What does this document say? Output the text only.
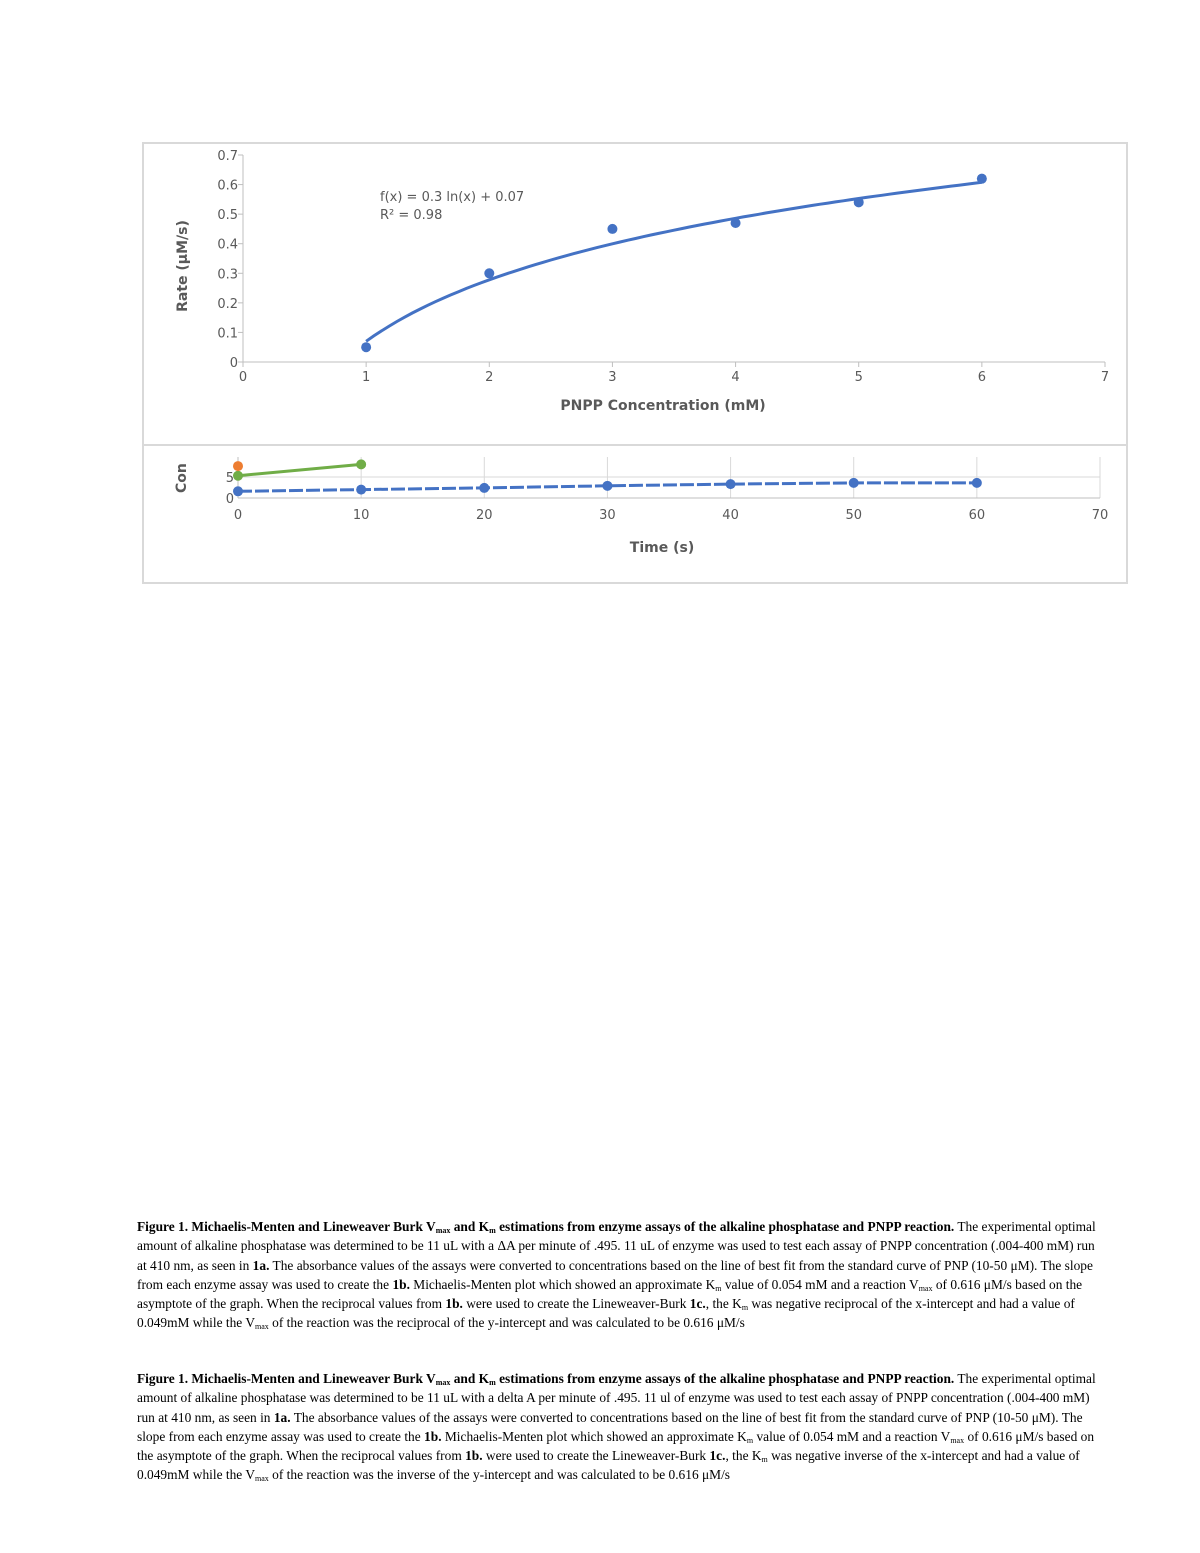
f(x) = 0.3 ln(x) + 0.07
R² = 0.98
PNPP Concentration (mM)
Rate (µM/s)
0	1	2	3	4	5	6	7
0
0.1
0.2
0.3
0.4
0.5
0.6
0.7
Time (s)
Con
0	10	20	30	40	50	60	70
0
5

Figure 1. Michaelis-Menten and Lineweaver Burk $V_{max}$ and $K_m$ estimations from enzyme assays of the alkaline phosphatase and PNPP reaction. The experimental optimal amount of alkaline phosphatase was determined to be 11 uL with a ΔA per minute of .495. 11 uL of enzyme was used to test each assay of PNPP concentration (.004-400 mM) run at 410 nm, as seen in 1a. The absorbance values of the assays were converted to concentrations based on the line of best fit from the standard curve of PNP (10-50 μM). The slope from each enzyme assay was used to create the 1b. Michaelis-Menten plot which showed an approximate $K_m$ value of 0.054 mM and a reaction $V_{max}$ of 0.616 μM/s based on the asymptote of the graph. When the reciprocal values from 1b. were used to create the Lineweaver-Burk 1c., the $K_m$ was negative reciprocal of the x-intercept and had a value of 0.049mM while the $V_{max}$ of the reaction was the reciprocal of the y-intercept and was calculated to be 0.616 μM/s

Figure 1. Michaelis-Menten and Lineweaver Burk $V_{max}$ and $K_m$ estimations from enzyme assays of the alkaline phosphatase and PNPP reaction. The experimental optimal amount of alkaline phosphatase was determined to be 11 uL with a delta A per minute of .495. 11 ul of enzyme was used to test each assay of PNPP concentration (.004-400 mM) run at 410 nm, as seen in 1a. The absorbance values of the assays were converted to concentrations based on the line of best fit from the standard curve of PNP (10-50 μM). The slope from each enzyme assay was used to create the 1b. Michaelis-Menten plot which showed an approximate $K_m$ value of 0.054 mM and a reaction $V_{max}$ of 0.616 μM/s based on the asymptote of the graph. When the reciprocal values from 1b. were used to create the Lineweaver-Burk 1c., the $K_m$ was negative inverse of the x-intercept and had a value of 0.049mM while the $V_{max}$ of the reaction was the inverse of the y-intercept and was calculated to be 0.616 μM/s
